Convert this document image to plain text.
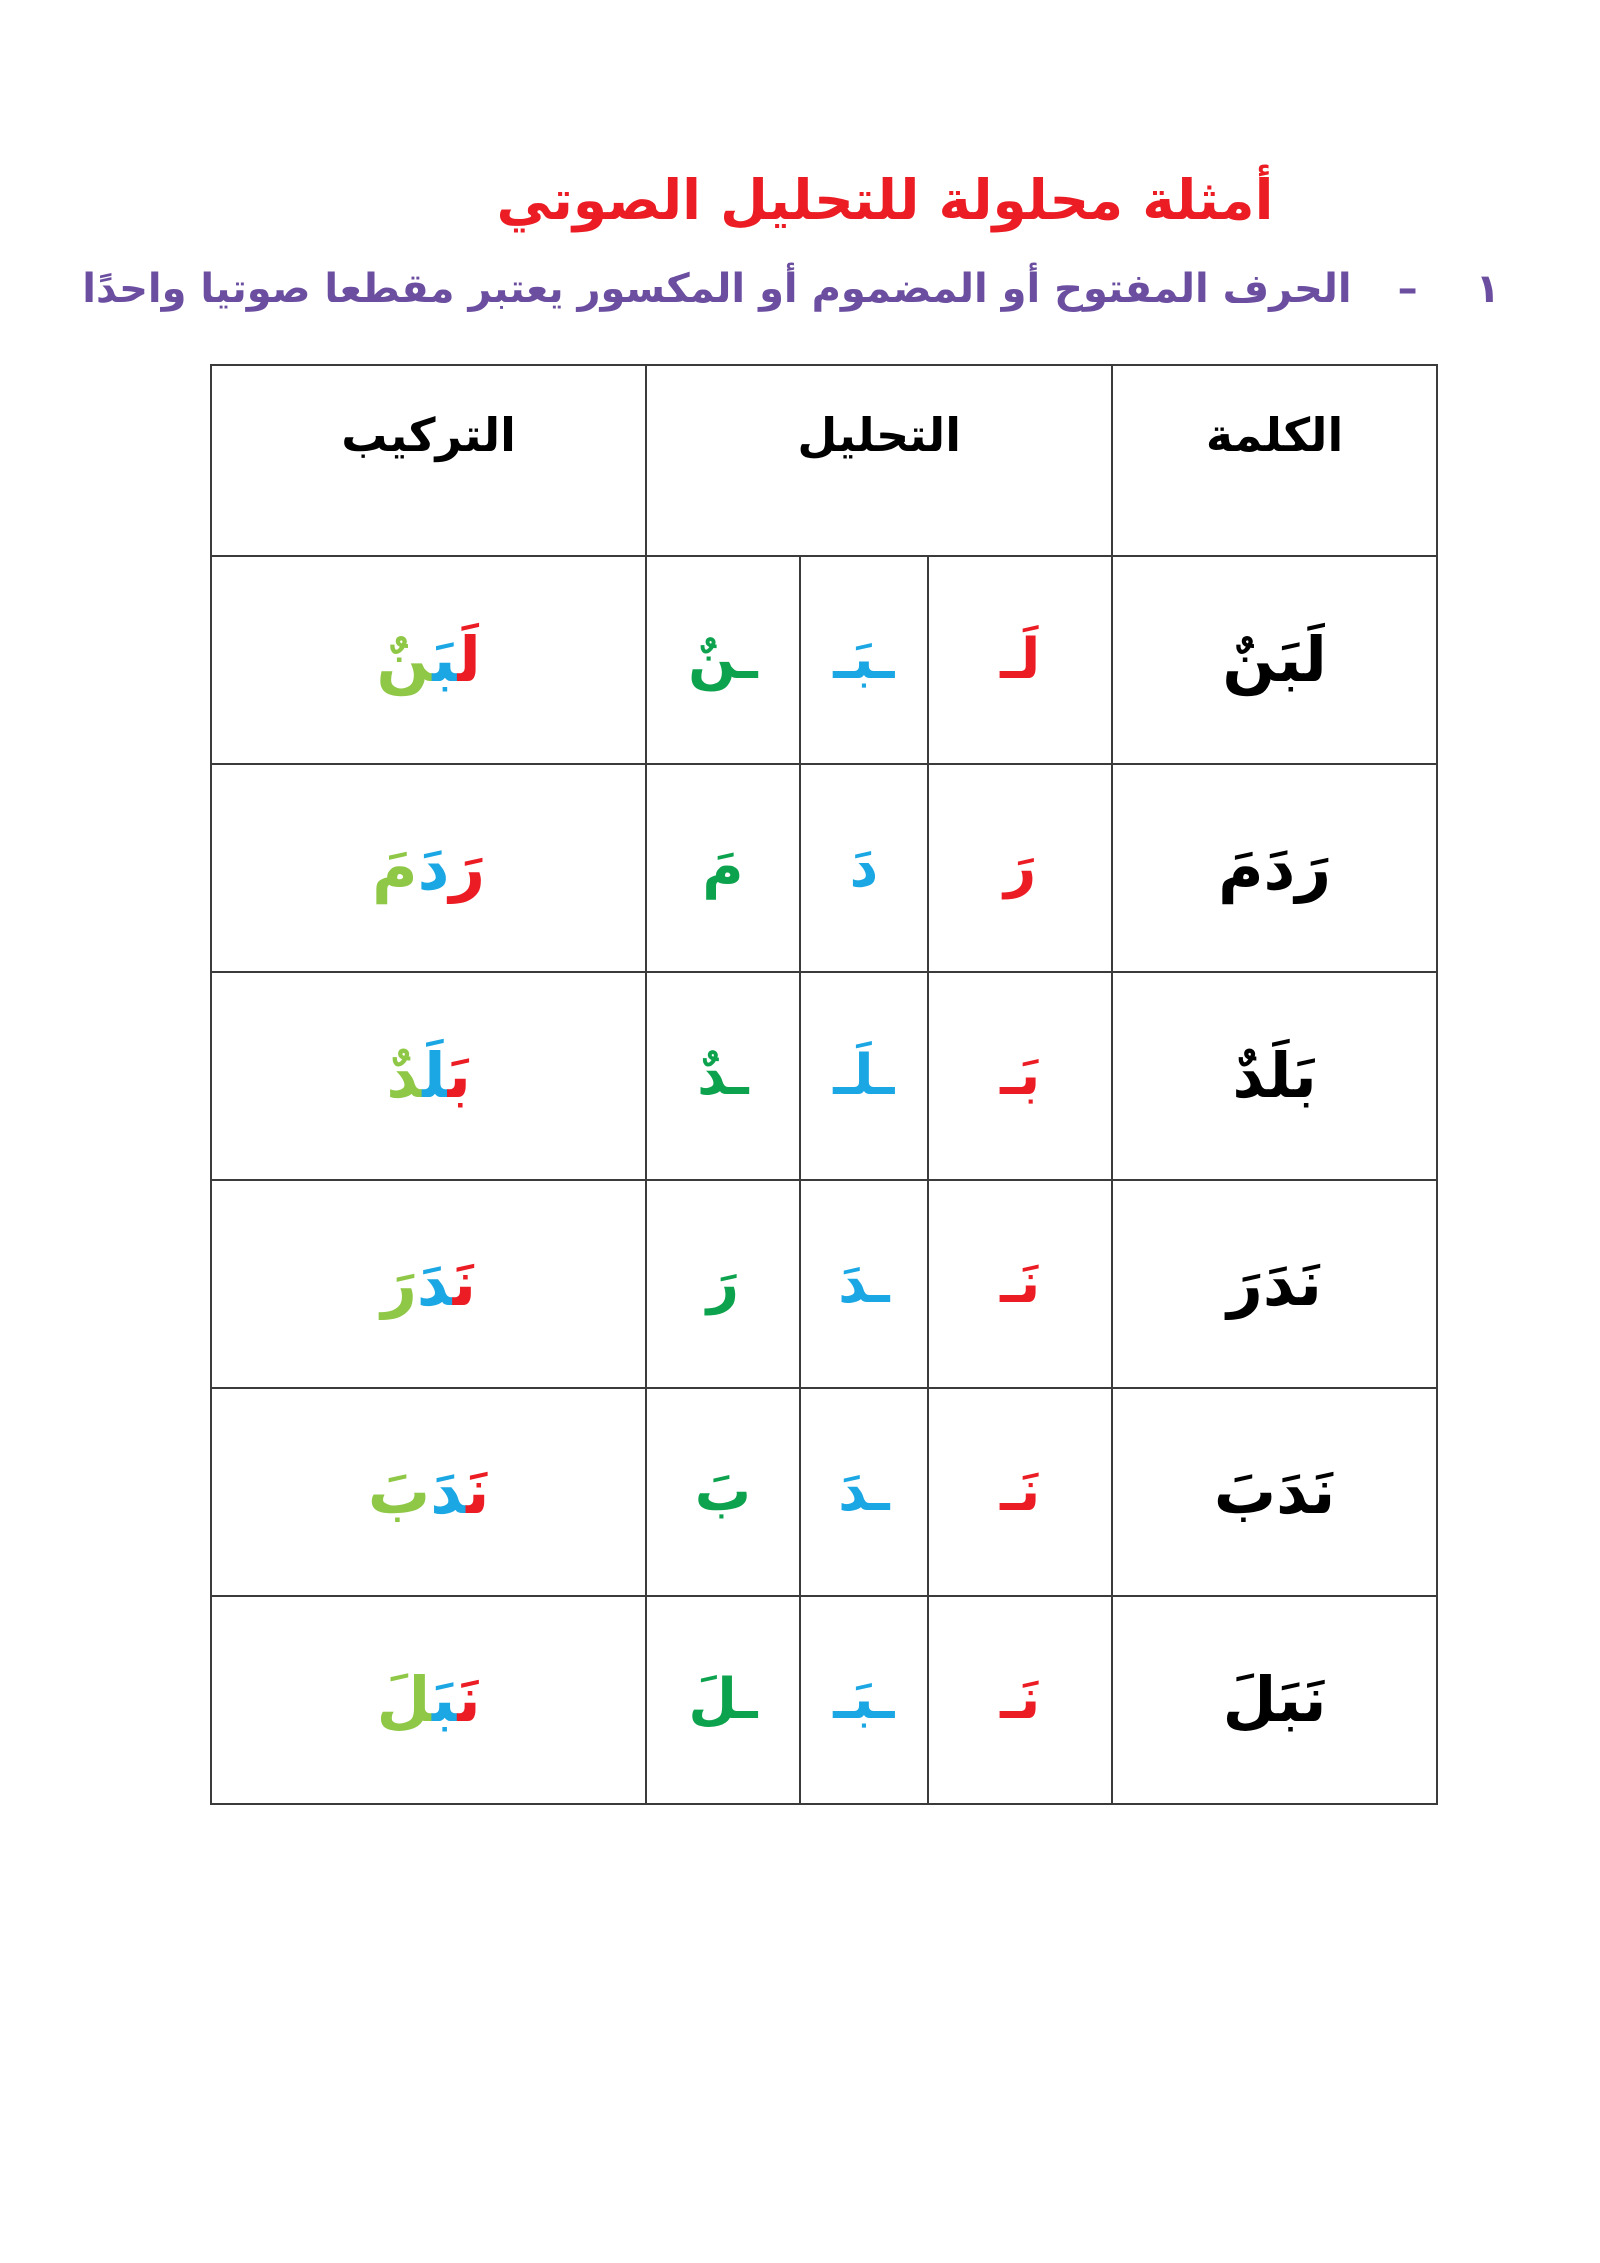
أمثلة محلولة للتحليل الصوتي
١
–
الحرف المفتوح أو المضموم أو المكسور يعتبر مقطعا صوتيا واحدًا
الكلمة	التحليل			التركيب
لَبَنٌ	لَـ	ـبَـ	ـنٌ	لَبَنٌ
رَدَمَ	رَ	دَ	مَ	رَدَمَ
بَلَدٌ	بَـ	ـلَـ	ـدٌ	بَلَدٌ
نَدَرَ	نَـ	ـدَ	رَ	نَدَرَ
نَدَبَ	نَـ	ـدَ	بَ	نَدَبَ
نَبَلَ	نَـ	ـبَـ	ـلَ	نَبَلَ
